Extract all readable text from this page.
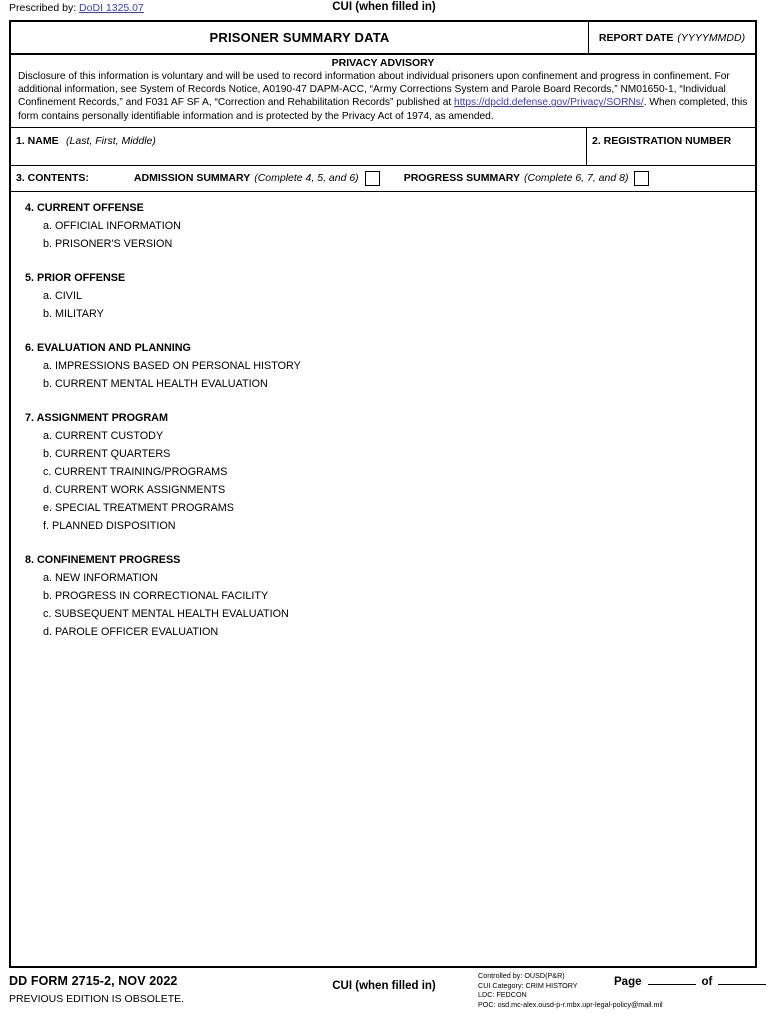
Prescribed by: DoDI 1325.07	CUI (when filled in)
PRISONER SUMMARY DATA	REPORT DATE (YYYYMMDD)
PRIVACY ADVISORY
Disclosure of this information is voluntary and will be used to record information about individual prisoners upon confinement and progress in confinement. For additional information, see System of Records Notice, A0190-47 DAPM-ACC, “Army Corrections System and Parole Board Records,” NM01650-1, “Individual Confinement Records,” and F031 AF SF A, “Correction and Rehabilitation Records” published at https://dpcld.defense.gov/Privacy/SORNs/. When completed, this form contains personally identifiable information and is protected by the Privacy Act of 1974, as amended.
1. NAME (Last, First, Middle)	2. REGISTRATION NUMBER
3. CONTENTS:	ADMISSION SUMMARY (Complete 4, 5, and 6)	PROGRESS SUMMARY (Complete 6, 7, and 8)
4. CURRENT OFFENSE
a. OFFICIAL INFORMATION
b. PRISONER'S VERSION
5. PRIOR OFFENSE
a. CIVIL
b. MILITARY
6. EVALUATION AND PLANNING
a. IMPRESSIONS BASED ON PERSONAL HISTORY
b. CURRENT MENTAL HEALTH EVALUATION
7. ASSIGNMENT PROGRAM
a. CURRENT CUSTODY
b. CURRENT QUARTERS
c. CURRENT TRAINING/PROGRAMS
d. CURRENT WORK ASSIGNMENTS
e. SPECIAL TREATMENT PROGRAMS
f. PLANNED DISPOSITION
8. CONFINEMENT PROGRESS
a. NEW INFORMATION
b. PROGRESS IN CORRECTIONAL FACILITY
c. SUBSEQUENT MENTAL HEALTH EVALUATION
d. PAROLE OFFICER EVALUATION
DD FORM 2715-2, NOV 2022
PREVIOUS EDITION IS OBSOLETE.
CUI (when filled in)
Controlled by: OUSD(P&R)
CUI Category: CRIM HISTORY
LDC: FEDCON
POC: osd.mc-alex.ousd-p-r.mbx.upr-legal-policy@mail.mil
Page	of
